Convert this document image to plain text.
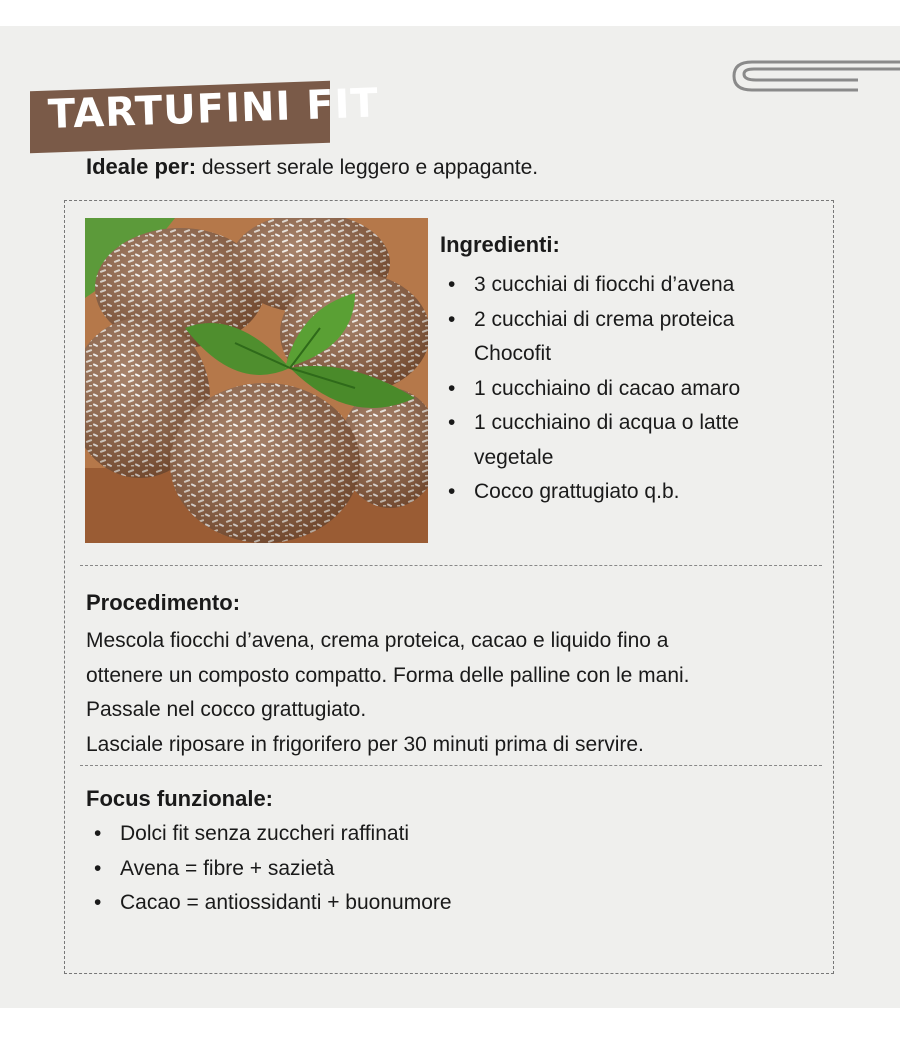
TARTUFINI FIT
Ideale per: dessert serale leggero e appagante.
Ingredienti:
• 3 cucchiai di fiocchi d’avena
• 2 cucchiai di crema proteica Chocofit
• 1 cucchiaino di cacao amaro
• 1 cucchiaino di acqua o latte vegetale
• Cocco grattugiato q.b.
Procedimento:
Mescola fiocchi d’avena, crema proteica, cacao e liquido fino a
ottenere un composto compatto. Forma delle palline con le mani.
Passale nel cocco grattugiato.
Lasciale riposare in frigorifero per 30 minuti prima di servire.
Focus funzionale:
• Dolci fit senza zuccheri raffinati
• Avena = fibre + sazietà
• Cacao = antiossidanti + buonumore
